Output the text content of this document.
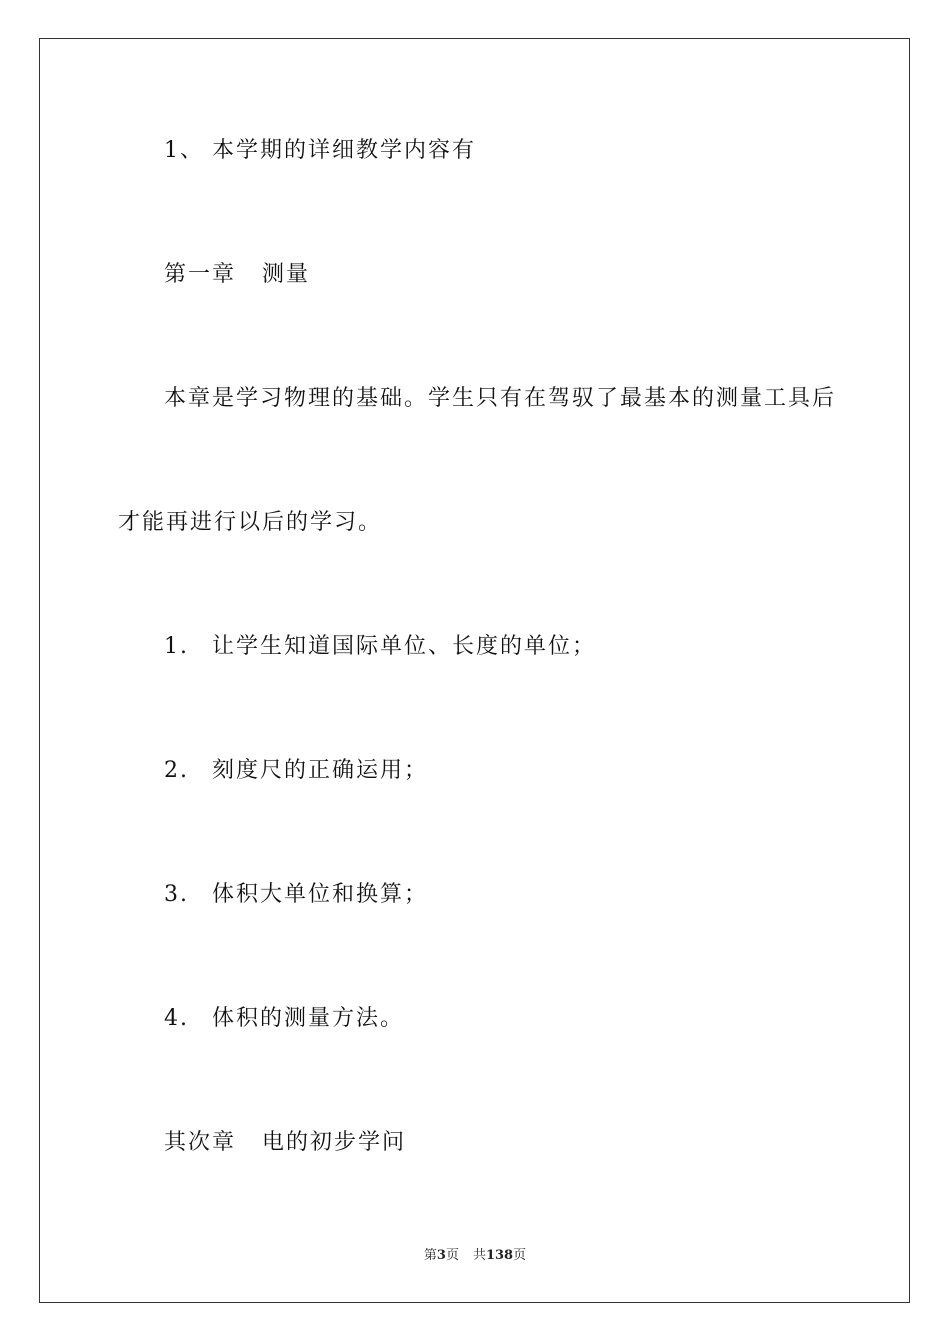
1、 本学期的详细教学内容有
第一章 测量
本章是学习物理的基础。学生只有在驾驭了最基本的测量工具后
才能再进行以后的学习。
1. 让学生知道国际单位、长度的单位；
2. 刻度尺的正确运用；
3. 体积大单位和换算；
4. 体积的测量方法。
其次章 电的初步学问
第3页 共138页
